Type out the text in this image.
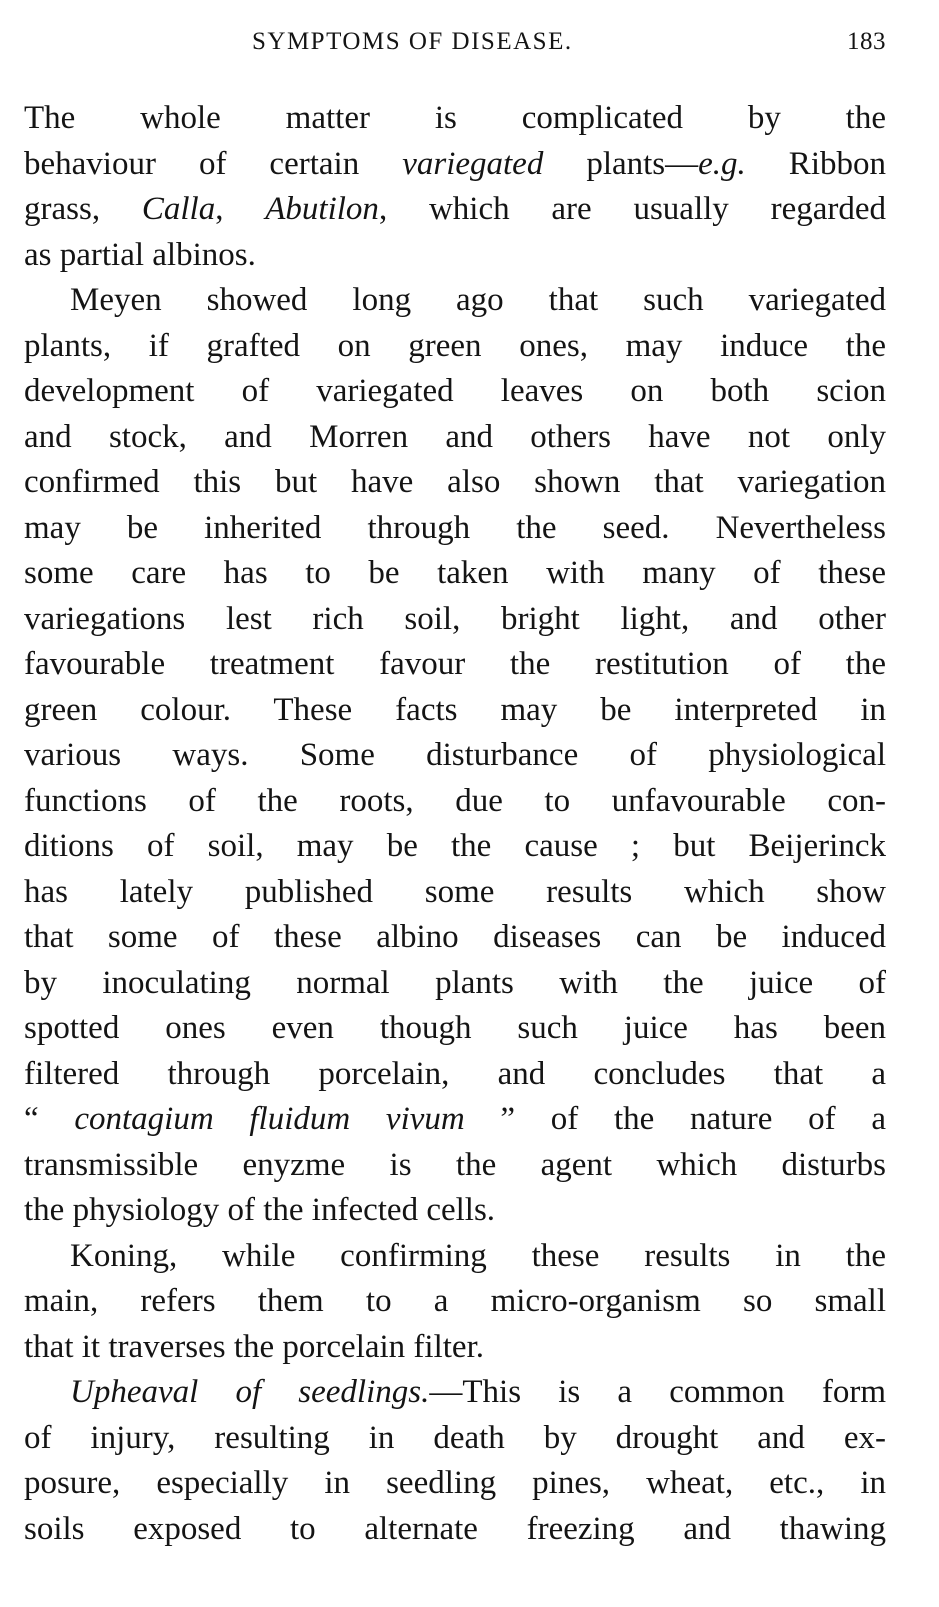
SYMPTOMS OF DISEASE.	183
The whole matter is complicated by the
behaviour of certain variegated plants—e.g. Ribbon
grass, Calla, Abutilon, which are usually regarded
as partial albinos.
Meyen showed long ago that such variegated
plants, if grafted on green ones, may induce the
development of variegated leaves on both scion
and stock, and Morren and others have not only
confirmed this but have also shown that variegation
may be inherited through the seed. Nevertheless
some care has to be taken with many of these
variegations lest rich soil, bright light, and other
favourable treatment favour the restitution of the
green colour. These facts may be interpreted in
various ways. Some disturbance of physiological
functions of the roots, due to unfavourable con-
ditions of soil, may be the cause ; but Beijerinck
has lately published some results which show
that some of these albino diseases can be induced
by inoculating normal plants with the juice of
spotted ones even though such juice has been
filtered through porcelain, and concludes that a
“ contagium fluidum vivum ” of the nature of a
transmissible enyzme is the agent which disturbs
the physiology of the infected cells.
Koning, while confirming these results in the
main, refers them to a micro-organism so small
that it traverses the porcelain filter.
Upheaval of seedlings.—This is a common form
of injury, resulting in death by drought and ex-
posure, especially in seedling pines, wheat, etc., in
soils exposed to alternate freezing and thawing
